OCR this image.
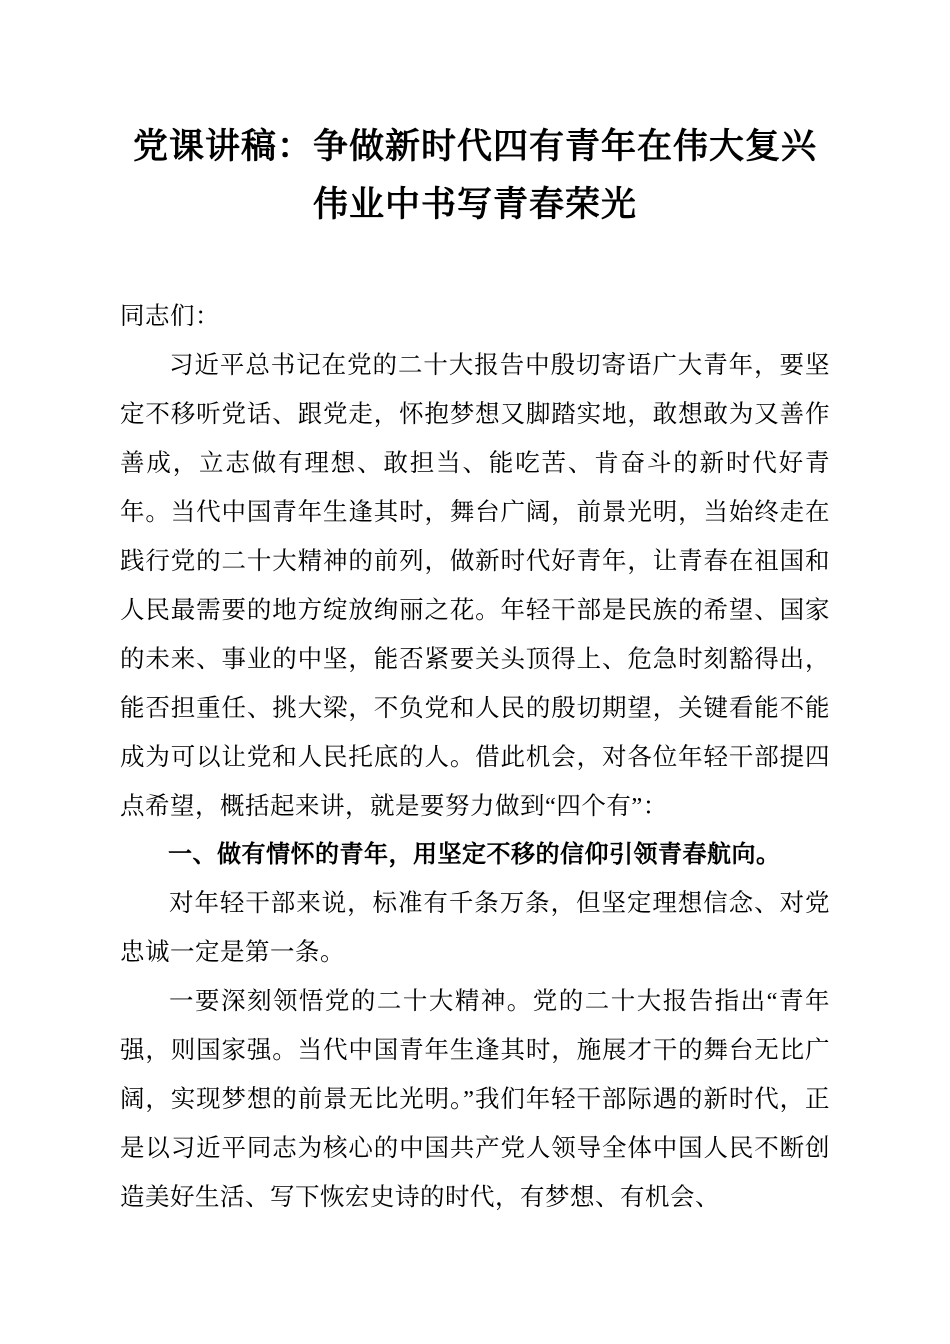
党课讲稿：争做新时代四有青年在伟大复兴伟业中书写青春荣光

同志们：

习近平总书记在党的二十大报告中殷切寄语广大青年，要坚定不移听党话、跟党走，怀抱梦想又脚踏实地，敢想敢为又善作善成，立志做有理想、敢担当、能吃苦、肯奋斗的新时代好青年。当代中国青年生逢其时，舞台广阔，前景光明，当始终走在践行党的二十大精神的前列，做新时代好青年，让青春在祖国和人民最需要的地方绽放绚丽之花。年轻干部是民族的希望、国家的未来、事业的中坚，能否紧要关头顶得上、危急时刻豁得出，能否担重任、挑大梁，不负党和人民的殷切期望，关键看能不能成为可以让党和人民托底的人。借此机会，对各位年轻干部提四点希望，概括起来讲，就是要努力做到“四个有”：

一、做有情怀的青年，用坚定不移的信仰引领青春航向。

对年轻干部来说，标准有千条万条，但坚定理想信念、对党忠诚一定是第一条。

一要深刻领悟党的二十大精神。党的二十大报告指出“青年强，则国家强。当代中国青年生逢其时，施展才干的舞台无比广阔，实现梦想的前景无比光明。”我们年轻干部际遇的新时代，正是以习近平同志为核心的中国共产党人领导全体中国人民不断创造美好生活、写下恢宏史诗的时代，有梦想、有机会、
